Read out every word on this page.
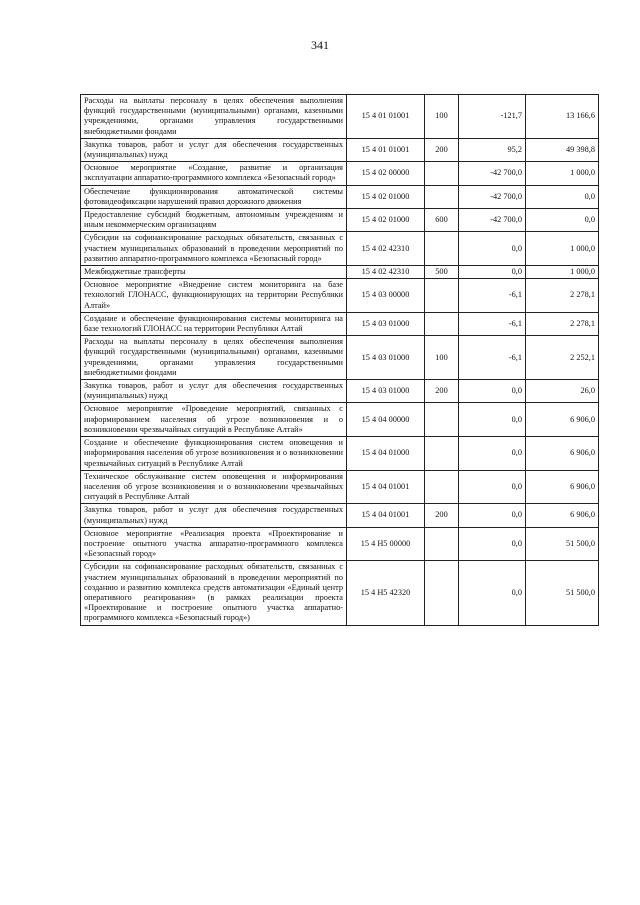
341
Расходы на выплаты персоналу в целях обеспечения выполнения функций государственными (муниципальными) органами, казенными учреждениями, органами управления государственными внебюджетными фондами	15 4 01 01001	100	-121,7	13 166,6
Закупка товаров, работ и услуг для обеспечения государственных (муниципальных) нужд	15 4 01 01001	200	95,2	49 398,8
Основное мероприятие «Создание, развитие и организация эксплуатации аппаратно-программного комплекса «Безопасный город»	15 4 02 00000		-42 700,0	1 000,0
Обеспечение функционирования автоматической системы фотовидеофиксации нарушений правил дорожного движения	15 4 02 01000		-42 700,0	0,0
Предоставление субсидий бюджетным, автономным учреждениям и иным некоммерческим организациям	15 4 02 01000	600	-42 700,0	0,0
Субсидии на софинансирование расходных обязательств, связанных с участием муниципальных образований в проведении мероприятий по развитию аппаратно-программного комплекса «Безопасный город»	15 4 02 42310		0,0	1 000,0
Межбюджетные трансферты	15 4 02 42310	500	0,0	1 000,0
Основное мероприятие «Внедрение систем мониторинга на базе технологий ГЛОНАСС, функционирующих на территории Республики Алтай»	15 4 03 00000		-6,1	2 278,1
Создание и обеспечение функционирования системы мониторинга на базе технологий ГЛОНАСС на территории Республики Алтай	15 4 03 01000		-6,1	2 278,1
Расходы на выплаты персоналу в целях обеспечения выполнения функций государственными (муниципальными) органами, казенными учреждениями, органами управления государственными внебюджетными фондами	15 4 03 01000	100	-6,1	2 252,1
Закупка товаров, работ и услуг для обеспечения государственных (муниципальных) нужд	15 4 03 01000	200	0,0	26,0
Основное мероприятие «Проведение мероприятий, связанных с информированием населения об угрозе возникновения и о возникновении чрезвычайных ситуаций в Республике Алтай»	15 4 04 00000		0,0	6 906,0
Создание и обеспечение функционирования систем оповещения и информирования населения об угрозе возникновения и о возникновении чрезвычайных ситуаций в Республике Алтай	15 4 04 01000		0,0	6 906,0
Техническое обслуживание систем оповещения и информирования населения об угрозе возникновения и о возникновении чрезвычайных ситуаций в Республике Алтай	15 4 04 01001		0,0	6 906,0
Закупка товаров, работ и услуг для обеспечения государственных (муниципальных) нужд	15 4 04 01001	200	0,0	6 906,0
Основное мероприятие «Реализация проекта «Проектирование и построение опытного участка аппаратно-программного комплекса «Безопасный город»	15 4 H5 00000		0,0	51 500,0
Субсидии на софинансирование расходных обязательств, связанных с участием муниципальных образований в проведении мероприятий по созданию и развитию комплекса средств автоматизации «Единый центр оперативного реагирования» (в рамках реализации проекта «Проектирование и построение опытного участка аппаратно-программного комплекса «Безопасный город»)	15 4 H5 42320		0,0	51 500,0
